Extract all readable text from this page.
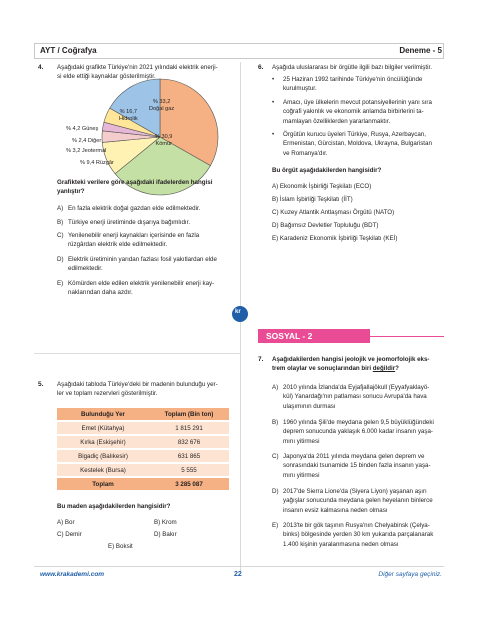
AYT / Coğrafya	Deneme - 5
4. Aşağıdaki grafikte Türkiye'nin 2021 yılındaki elektrik enerji-
si elde ettiği kaynaklar gösterilmiştir.
% 33,2
Doğal gaz
% 16,7
Hidrolik
% 30,9
Kömür
% 4,2 Güneş
% 2,4 Diğer
% 3,2 Jeotermal
% 9,4 Rüzgâr
Grafikteki verilere göre aşağıdaki ifadelerden hangisi
yanlıştır?
A) En fazla elektrik doğal gazdan elde edilmektedir.
B) Türkiye enerji üretiminde dışarıya bağımlıdır.
C) Yenilenebilir enerji kaynakları içerisinde en fazla
rüzgârdan elektrik elde edilmektedir.
D) Elektrik üretiminin yarıdan fazlası fosil yakıtlardan elde
edilmektedir.
E) Kömürden elde edilen elektrik yenilenebilir enerji kay-
naklarından daha azdır.
5. Aşağıdaki tabloda Türkiye'deki bir madenin bulunduğu yer-
ler ve toplam rezervleri gösterilmiştir.
Bulunduğu Yer	Toplam (Bin ton)
Emet (Kütahya)	1 815 291
Kırka (Eskişehir)	832 676
Bigadiç (Balıkesir)	631 865
Kestelek (Bursa)	5 555
Toplam	3 285 087
Bu maden aşağıdakilerden hangisidir?
A) Bor	B) Krom
C) Demir	D) Bakır
E) Boksit
6. Aşağıda uluslararası bir örgütle ilgili bazı bilgiler verilmiştir.
• 25 Haziran 1992 tarihinde Türkiye'nin öncülüğünde
kurulmuştur.
• Amacı, üye ülkelerin mevcut potansiyellerinin yanı sıra
coğrafi yakınlık ve ekonomik anlamda birbirlerini ta-
mamlayan özelliklerden yararlanmaktır.
• Örgütün kurucu üyeleri Türkiye, Rusya, Azerbaycan,
Ermenistan, Gürcistan, Moldova, Ukrayna, Bulgaristan
ve Romanya'dır.
Bu örgüt aşağıdakilerden hangisidir?
A) Ekonomik İşbirliği Teşkilatı (ECO)
B) İslam İşbirliği Teşkilatı (İİT)
C) Kuzey Atlantik Antlaşması Örgütü (NATO)
D) Bağımsız Devletler Topluluğu (BDT)
E) Karadeniz Ekonomik İşbirliği Teşkilatı (KEİ)
kr
SOSYAL - 2
7. Aşağıdakilerden hangisi jeolojik ve jeomorfolojik eks-
trem olaylar ve sonuçlarından biri değildir?
A) 2010 yılında İzlanda'da Eyjafjallajökull (Eyyafyaklayö-
kül) Yanardağı'nın patlaması sonucu Avrupa'da hava
ulaşımının durması
B) 1960 yılında Şili'de meydana gelen 9,5 büyüklüğündeki
deprem sonucunda yaklaşık 6.000 kadar insanın yaşa-
mını yitirmesi
C) Japonya'da 2011 yılında meydana gelen deprem ve
sonrasındaki tsunamide 15 binden fazla insanın yaşa-
mını yitirmesi
D) 2017'de Sierra Lione'da (Siyera Liyon) yaşanan aşırı
yağışlar sonucunda meydana gelen heyelanın binlerce
insanın evsiz kalmasına neden olması
E) 2013'te bir gök taşının Rusya'nın Chelyabinsk (Çelya-
binks) bölgesinde yerden 30 km yukarıda parçalanarak
1.400 kişinin yaralanmasına neden olması
www.krakademi.com	22	Diğer sayfaya geçiniz.
